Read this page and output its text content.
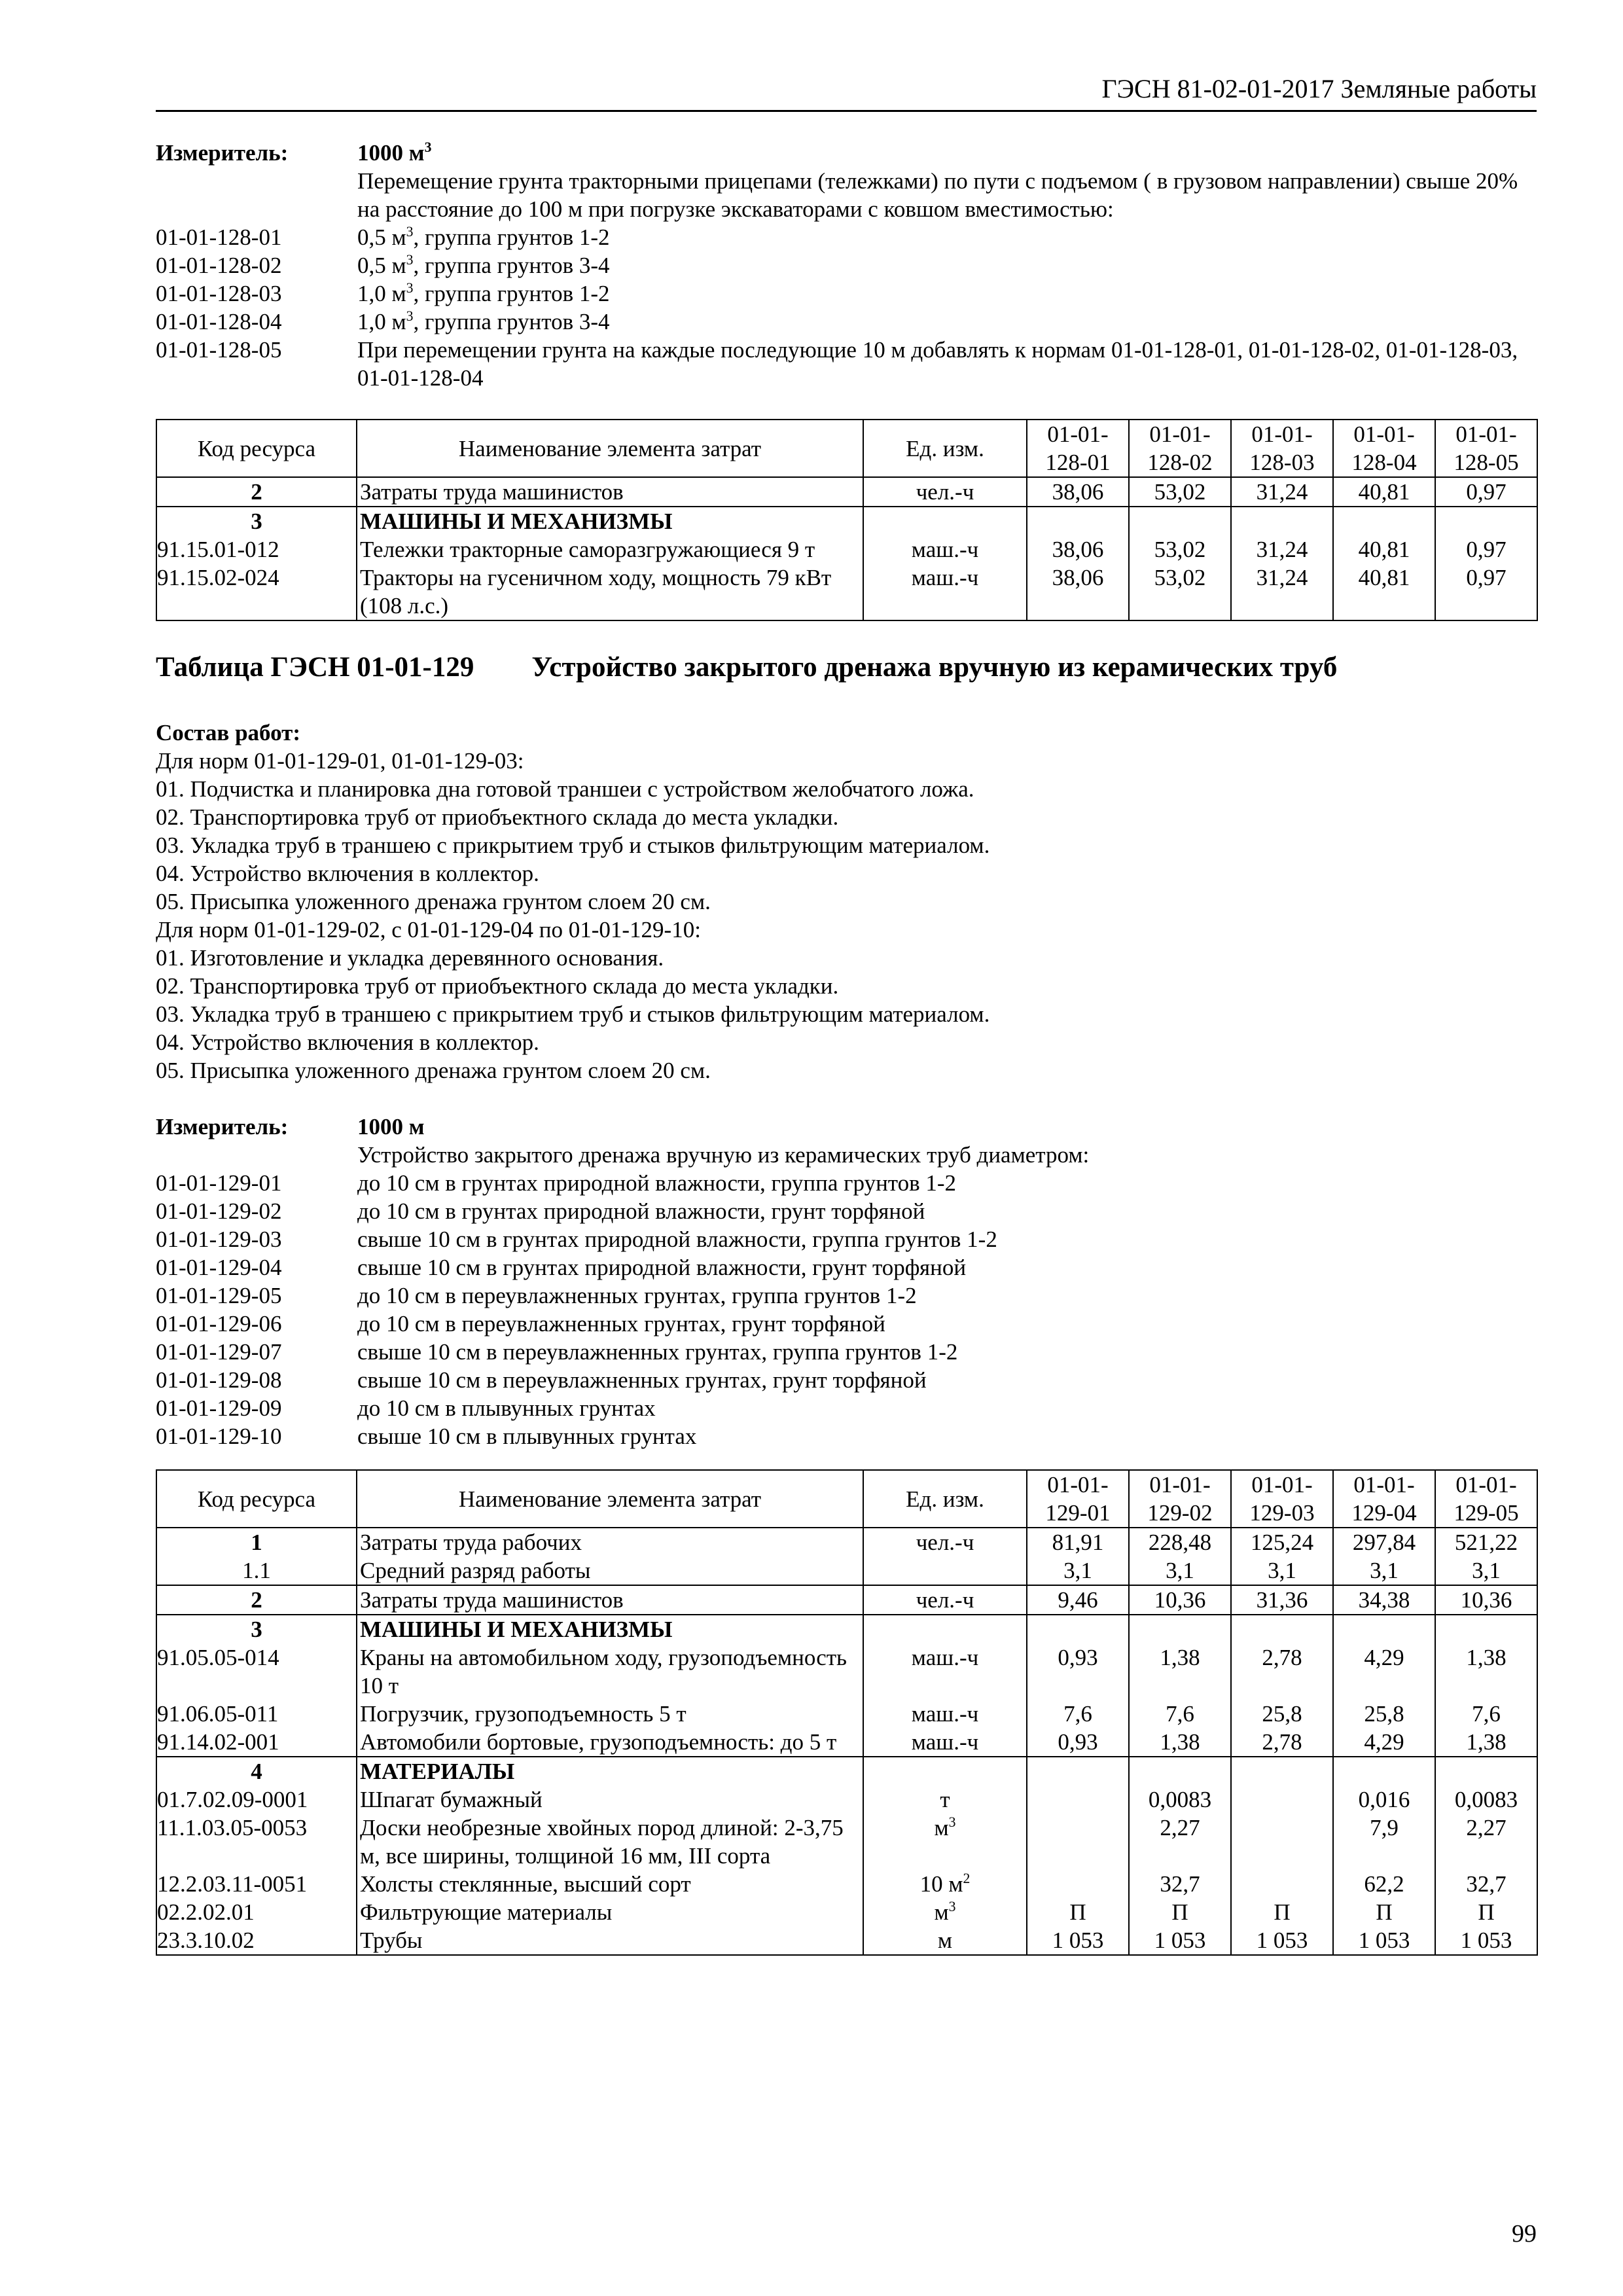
ГЭСН 81-02-01-2017 Земляные работы
Измеритель:	1000 $м^3$
Перемещение грунта тракторными прицепами (тележками) по пути с подъемом ( в грузовом направлении) свыше 20% на расстояние до 100 м при погрузке экскаваторами с ковшом вместимостью:
01-01-128-01	0,5 $м^3$, группа грунтов 1-2
01-01-128-02	0,5 $м^3$, группа грунтов 3-4
01-01-128-03	1,0 $м^3$, группа грунтов 1-2
01-01-128-04	1,0 $м^3$, группа грунтов 3-4
01-01-128-05	При перемещении грунта на каждые последующие 10 м добавлять к нормам 01-01-128-01, 01-01-128-02, 01-01-128-03, 01-01-128-04
Код ресурса	Наименование элемента затрат	Ед. изм.	01-01-128-01	01-01-128-02	01-01-128-03	01-01-128-04	01-01-128-05
2	Затраты труда машинистов	чел.-ч	38,06	53,02	31,24	40,81	0,97
3	МАШИНЫ И МЕХАНИЗМЫ						
91.15.01-012	Тележки тракторные саморазгружающиеся 9 т	маш.-ч	38,06	53,02	31,24	40,81	0,97
91.15.02-024	Тракторы на гусеничном ходу, мощность 79 кВт (108 л.с.)	маш.-ч	38,06	53,02	31,24	40,81	0,97
Таблица ГЭСН 01-01-129 Устройство закрытого дренажа вручную из керамических труб
Состав работ:
Для норм 01-01-129-01, 01-01-129-03:
01. Подчистка и планировка дна готовой траншеи с устройством желобчатого ложа.
02. Транспортировка труб от приобъектного склада до места укладки.
03. Укладка труб в траншею с прикрытием труб и стыков фильтрующим материалом.
04. Устройство включения в коллектор.
05. Присыпка уложенного дренажа грунтом слоем 20 см.
Для норм 01-01-129-02, с 01-01-129-04 по 01-01-129-10:
01. Изготовление и укладка деревянного основания.
02. Транспортировка труб от приобъектного склада до места укладки.
03. Укладка труб в траншею с прикрытием труб и стыков фильтрующим материалом.
04. Устройство включения в коллектор.
05. Присыпка уложенного дренажа грунтом слоем 20 см.
Измеритель:	1000 м
Устройство закрытого дренажа вручную из керамических труб диаметром:
01-01-129-01	до 10 см в грунтах природной влажности, группа грунтов 1-2
01-01-129-02	до 10 см в грунтах природной влажности, грунт торфяной
01-01-129-03	свыше 10 см в грунтах природной влажности, группа грунтов 1-2
01-01-129-04	свыше 10 см в грунтах природной влажности, грунт торфяной
01-01-129-05	до 10 см в переувлажненных грунтах, группа грунтов 1-2
01-01-129-06	до 10 см в переувлажненных грунтах, грунт торфяной
01-01-129-07	свыше 10 см в переувлажненных грунтах, группа грунтов 1-2
01-01-129-08	свыше 10 см в переувлажненных грунтах, грунт торфяной
01-01-129-09	до 10 см в плывунных грунтах
01-01-129-10	свыше 10 см в плывунных грунтах
Код ресурса	Наименование элемента затрат	Ед. изм.	01-01-129-01	01-01-129-02	01-01-129-03	01-01-129-04	01-01-129-05
1	Затраты труда рабочих	чел.-ч	81,91	228,48	125,24	297,84	521,22
1.1	Средний разряд работы		3,1	3,1	3,1	3,1	3,1
2	Затраты труда машинистов	чел.-ч	9,46	10,36	31,36	34,38	10,36
3	МАШИНЫ И МЕХАНИЗМЫ						
91.05.05-014	Краны на автомобильном ходу, грузоподъемность 10 т	маш.-ч	0,93	1,38	2,78	4,29	1,38
91.06.05-011	Погрузчик, грузоподъемность 5 т	маш.-ч	7,6	7,6	25,8	25,8	7,6
91.14.02-001	Автомобили бортовые, грузоподъемность: до 5 т	маш.-ч	0,93	1,38	2,78	4,29	1,38
4	МАТЕРИАЛЫ						
01.7.02.09-0001	Шпагат бумажный	т		0,0083		0,016	0,0083
11.1.03.05-0053	Доски необрезные хвойных пород длиной: 2-3,75 м, все ширины, толщиной 16 мм, III сорта	$м^3$		2,27		7,9	2,27
12.2.03.11-0051	Холсты стеклянные, высший сорт	10 $м^2$		32,7		62,2	32,7
02.2.02.01	Фильтрующие материалы	$м^3$	П	П	П	П	П
23.3.10.02	Трубы	м	1 053	1 053	1 053	1 053	1 053
99
